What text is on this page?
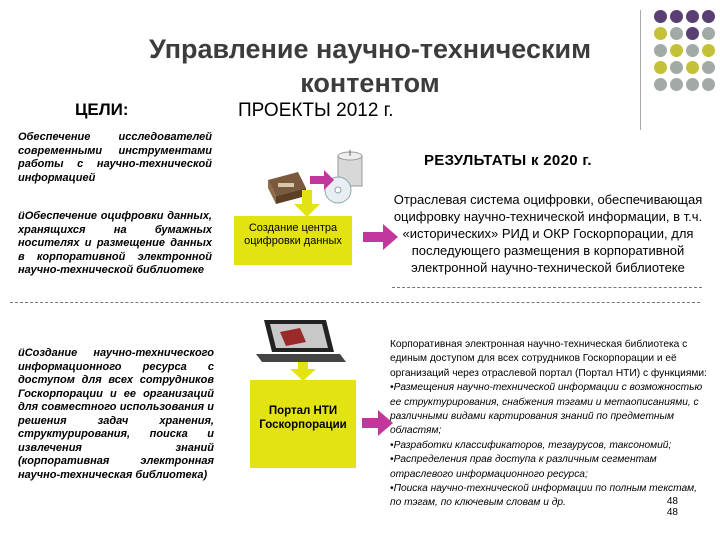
Управление научно-техническим
контентом
ЦЕЛИ:	ПРОЕКТЫ 2012 г.
РЕЗУЛЬТАТЫ к 2020 г.
Обеспечение исследователей современными инструментами работы с научно-технической информацией
üОбеспечение оцифровки данных, хранящихся на бумажных носителях и размещение данных в корпоративной электронной научно-технической библиотеке
üСоздание научно-технического информационного ресурса с доступом для всех сотрудников Госкорпорации и ее организаций для совместного использования и решения задач хранения, структурирования, поиска и извлечения знаний (корпоративная электронная научно-техническая библиотека)
Создание центра оцифровки данных
Портал НТИ Госкорпорации
Отраслевая система оцифровки, обеспечивающая оцифровку научно-технической информации, в т.ч. «исторических» РИД и ОКР Госкорпорации, для последующего размещения в корпоративной электронной научно-технической библиотеке
Корпоративная электронная научно-техническая библиотека с единым доступом для всех сотрудников Госкорпорации и её организаций через отраслевой портал (Портал НТИ) с функциями:
•Размещения научно-технической информации с возможностью ее структурирования, снабжения тэгами и метаописаниями, с различными видами картирования знаний по предметным областям;
•Разработки классификаторов, тезаурусов, таксономий;
•Распределения прав доступа к различным сегментам отраслевого информационного ресурса;
•Поиска научно-технической информации по полным текстам, по тэгам, по ключевым словам и др.	48
48
